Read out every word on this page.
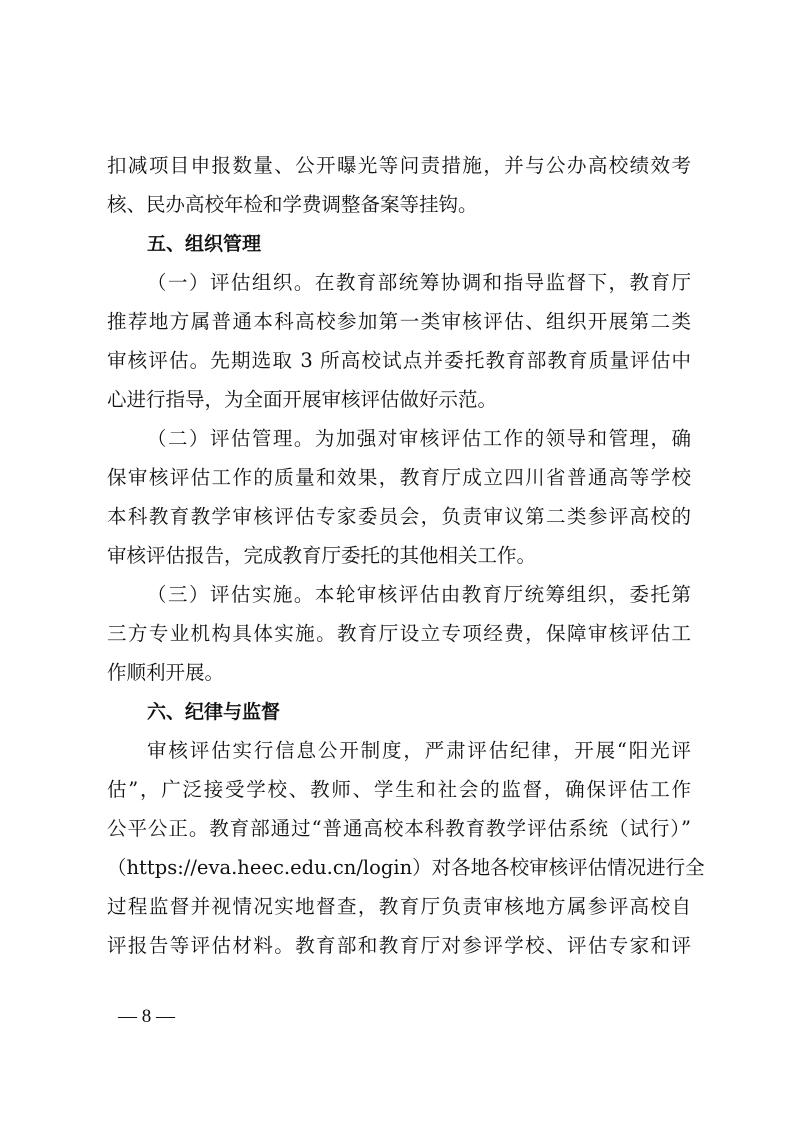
扣减项目申报数量、公开曝光等问责措施，并与公办高校绩效考
核、民办高校年检和学费调整备案等挂钩。
五、组织管理
（一）评估组织。在教育部统筹协调和指导监督下，教育厅
推荐地方属普通本科高校参加第一类审核评估、组织开展第二类
审核评估。先期选取 3 所高校试点并委托教育部教育质量评估中
心进行指导，为全面开展审核评估做好示范。
（二）评估管理。为加强对审核评估工作的领导和管理，确
保审核评估工作的质量和效果，教育厅成立四川省普通高等学校
本科教育教学审核评估专家委员会，负责审议第二类参评高校的
审核评估报告，完成教育厅委托的其他相关工作。
（三）评估实施。本轮审核评估由教育厅统筹组织，委托第
三方专业机构具体实施。教育厅设立专项经费，保障审核评估工
作顺利开展。
六、纪律与监督
审核评估实行信息公开制度，严肃评估纪律，开展“阳光评
估”，广泛接受学校、教师、学生和社会的监督，确保评估工作
公平公正。教育部通过“普通高校本科教育教学评估系统（试行）”
（https://eva.heec.edu.cn/login）对各地各校审核评估情况进行全
过程监督并视情况实地督查，教育厅负责审核地方属参评高校自
评报告等评估材料。教育部和教育厅对参评学校、评估专家和评
— 8 —
